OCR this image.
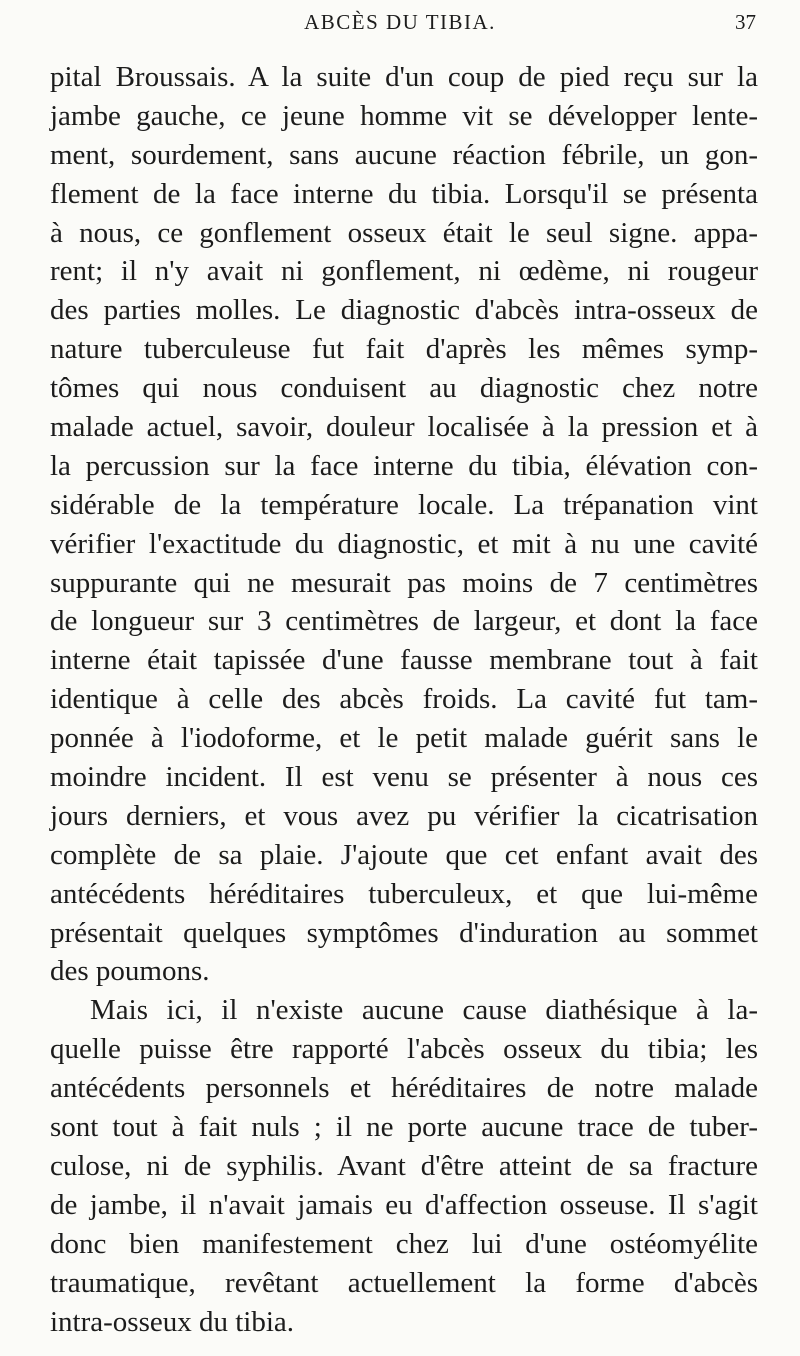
ABCÈS DU TIBIA.	37
pital Broussais. A la suite d'un coup de pied reçu sur la
jambe gauche, ce jeune homme vit se développer lente-
ment, sourdement, sans aucune réaction fébrile, un gon-
flement de la face interne du tibia. Lorsqu'il se présenta
à nous, ce gonflement osseux était le seul signe. appa-
rent; il n'y avait ni gonflement, ni œdème, ni rougeur
des parties molles. Le diagnostic d'abcès intra-osseux de
nature tuberculeuse fut fait d'après les mêmes symp-
tômes qui nous conduisent au diagnostic chez notre
malade actuel, savoir, douleur localisée à la pression et à
la percussion sur la face interne du tibia, élévation con-
sidérable de la température locale. La trépanation vint
vérifier l'exactitude du diagnostic, et mit à nu une cavité
suppurante qui ne mesurait pas moins de 7 centimètres
de longueur sur 3 centimètres de largeur, et dont la face
interne était tapissée d'une fausse membrane tout à fait
identique à celle des abcès froids. La cavité fut tam-
ponnée à l'iodoforme, et le petit malade guérit sans le
moindre incident. Il est venu se présenter à nous ces
jours derniers, et vous avez pu vérifier la cicatrisation
complète de sa plaie. J'ajoute que cet enfant avait des
antécédents héréditaires tuberculeux, et que lui-même
présentait quelques symptômes d'induration au sommet
des poumons.
Mais ici, il n'existe aucune cause diathésique à la-
quelle puisse être rapporté l'abcès osseux du tibia; les
antécédents personnels et héréditaires de notre malade
sont tout à fait nuls ; il ne porte aucune trace de tuber-
culose, ni de syphilis. Avant d'être atteint de sa fracture
de jambe, il n'avait jamais eu d'affection osseuse. Il s'agit
donc bien manifestement chez lui d'une ostéomyélite
traumatique, revêtant actuellement la forme d'abcès
intra-osseux du tibia.
